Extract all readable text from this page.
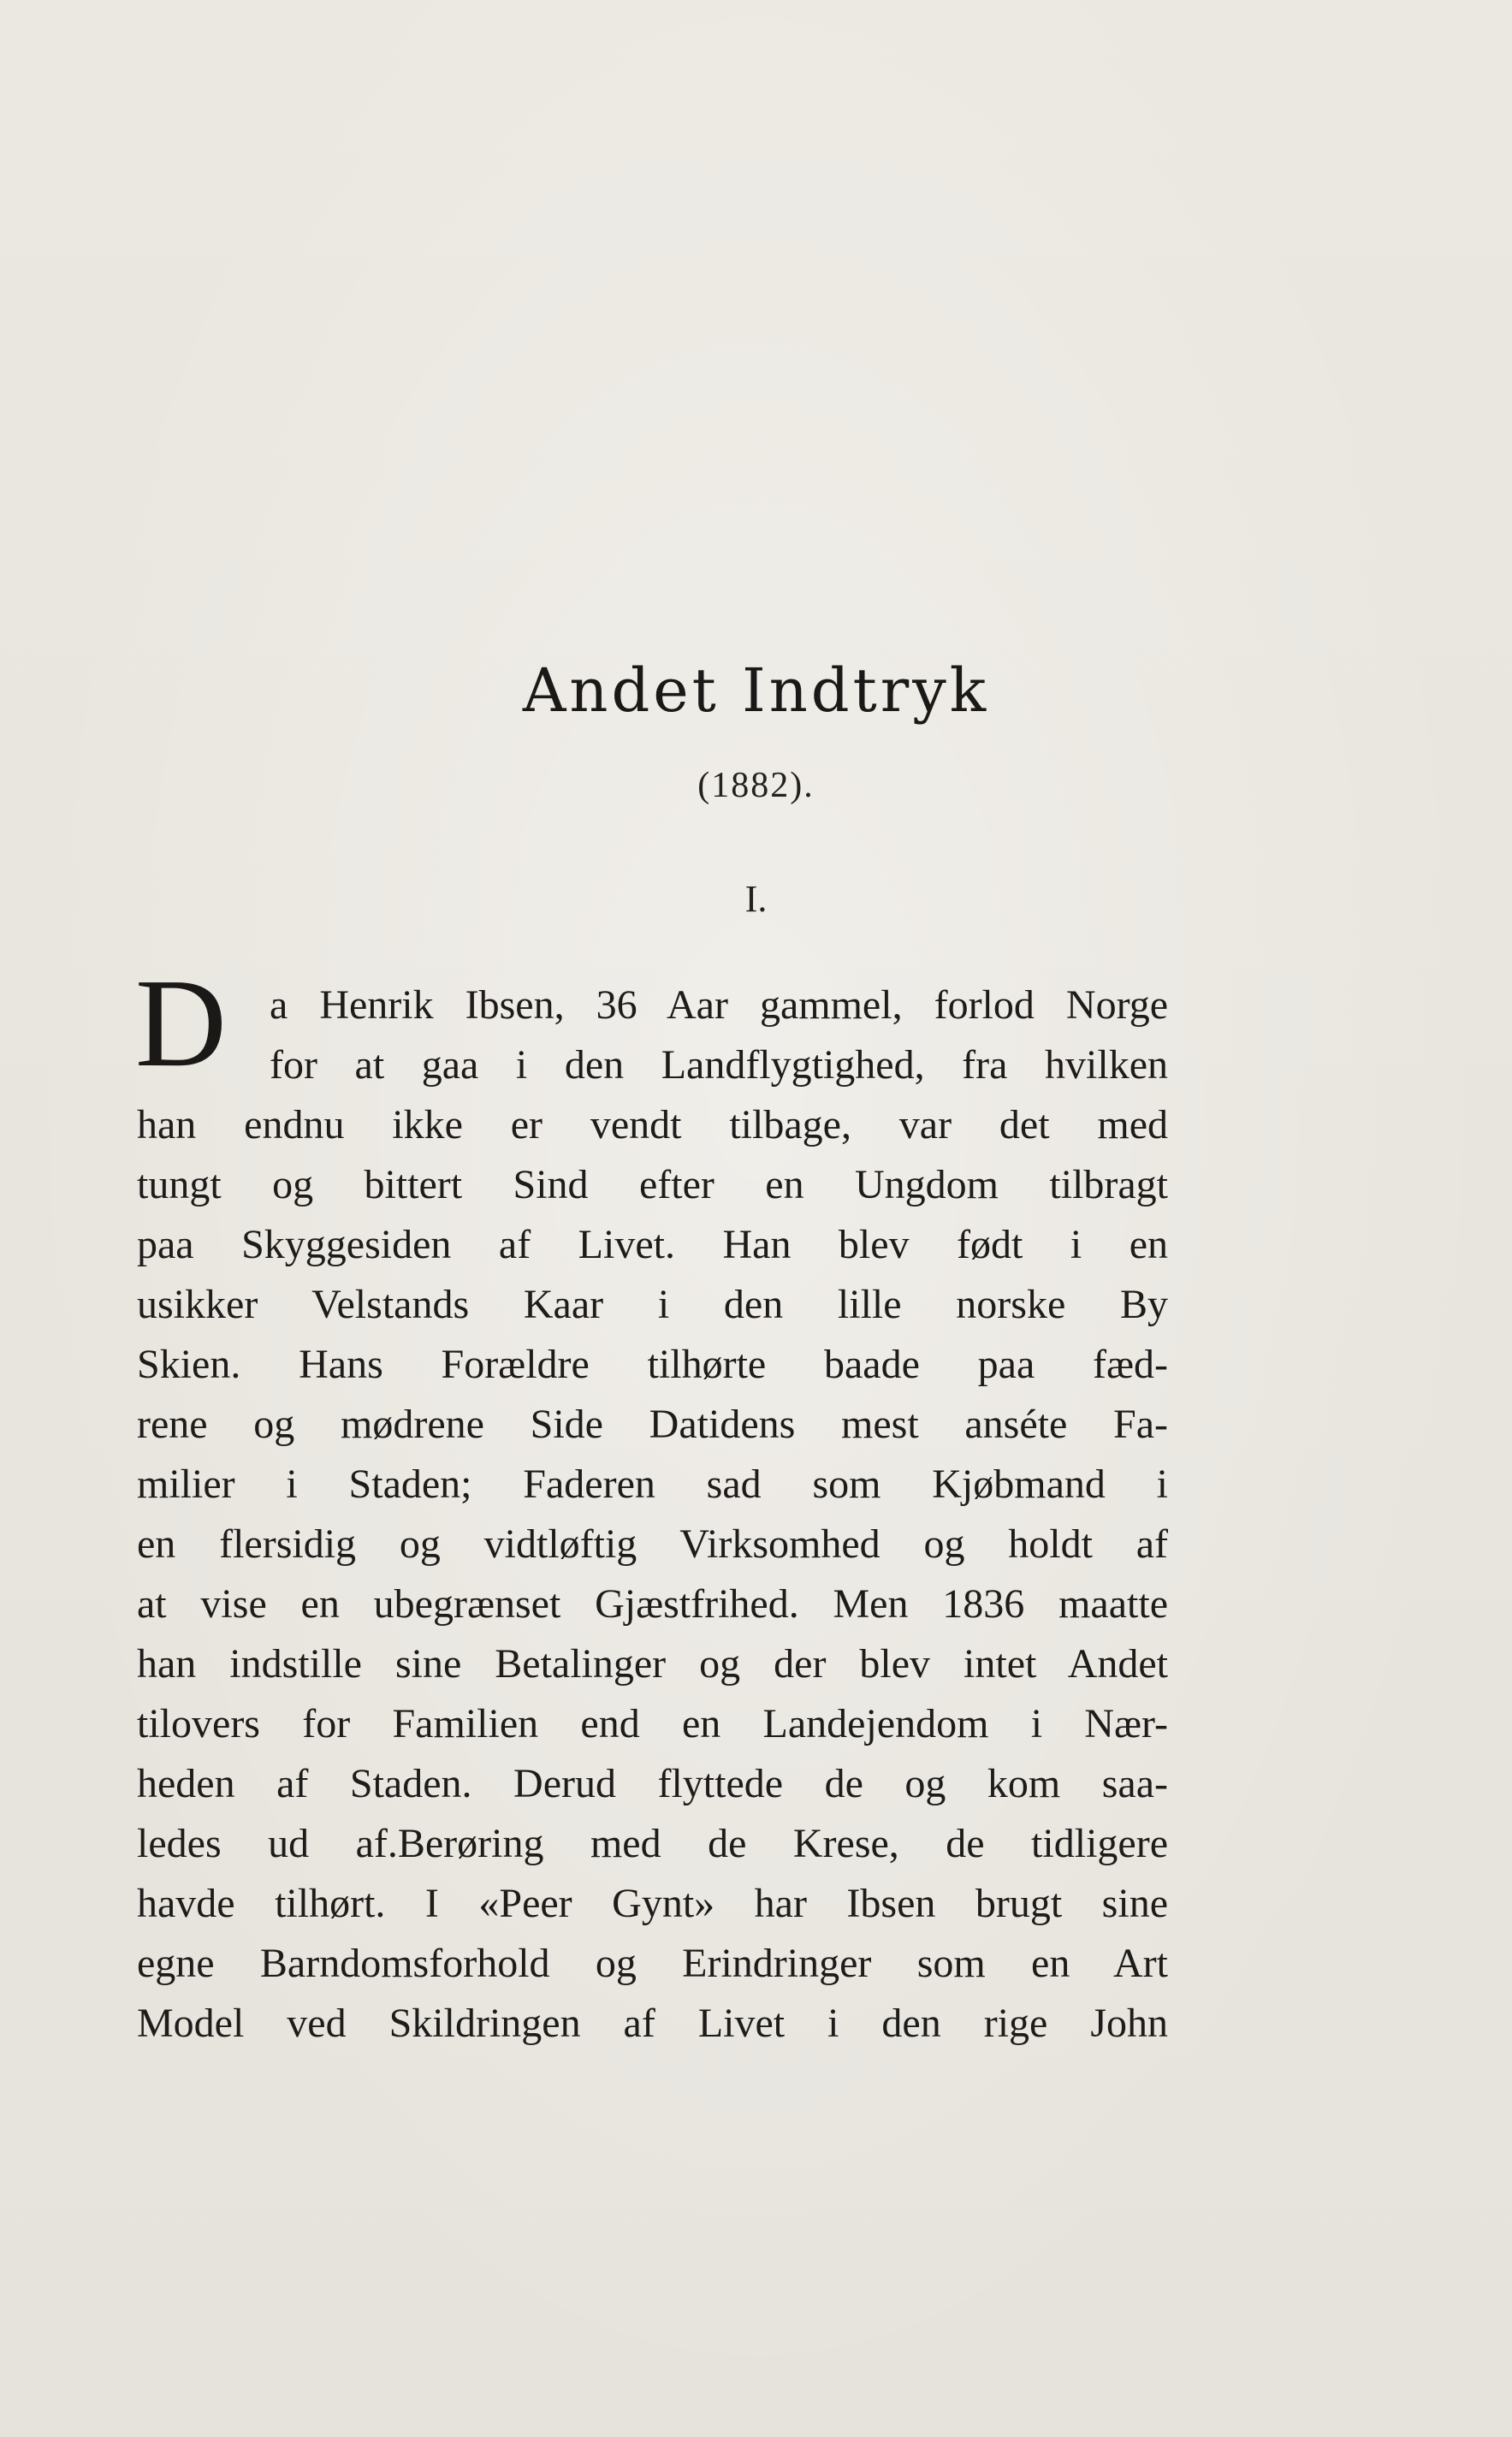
Andet Indtryk
(1882).
I.
D a Henrik Ibsen, 36 Aar gammel, forlod Norge
for at gaa i den Landflygtighed, fra hvilken
han endnu ikke er vendt tilbage, var det med
tungt og bittert Sind efter en Ungdom tilbragt
paa Skyggesiden af Livet. Han blev født i en
usikker Velstands Kaar i den lille norske By
Skien. Hans Forældre tilhørte baade paa fæd-
rene og mødrene Side Datidens mest anséte Fa-
milier i Staden; Faderen sad som Kjøbmand i
en flersidig og vidtløftig Virksomhed og holdt af
at vise en ubegrænset Gjæstfrihed. Men 1836 maatte
han indstille sine Betalinger og der blev intet Andet
tilovers for Familien end en Landejendom i Nær-
heden af Staden. Derud flyttede de og kom saa-
ledes ud af.Berøring med de Krese, de tidligere
havde tilhørt. I «Peer Gynt» har Ibsen brugt sine
egne Barndomsforhold og Erindringer som en Art
Model ved Skildringen af Livet i den rige John
